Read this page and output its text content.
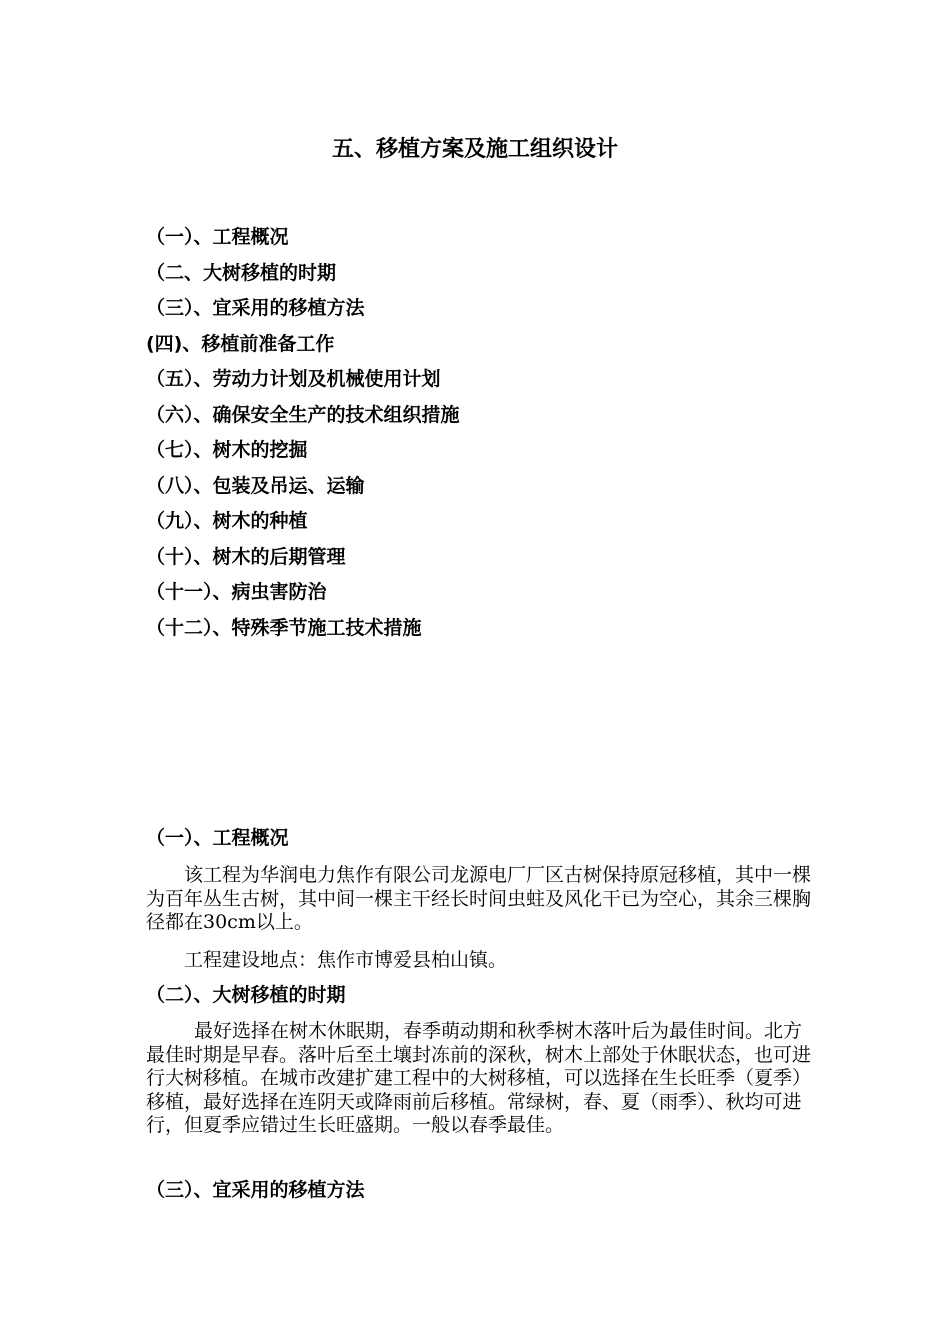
五、移植方案及施工组织设计
（一）、工程概况
（二、大树移植的时期
（三）、宜采用的移植方法
(四)、移植前准备工作
（五）、劳动力计划及机械使用计划
（六）、确保安全生产的技术组织措施
（七）、树木的挖掘
（八）、包装及吊运、运输
（九）、树木的种植
（十）、树木的后期管理
（十一）、病虫害防治
（十二）、特殊季节施工技术措施
（一）、工程概况

该工程为华润电力焦作有限公司龙源电厂厂区古树保持原冠移植，其中一棵为百年丛生古树，其中间一棵主干经长时间虫蛀及风化干已为空心，其余三棵胸径都在30cm以上。

工程建设地点：焦作市博爱县柏山镇。

（二）、大树移植的时期

最好选择在树木休眠期，春季萌动期和秋季树木落叶后为最佳时间。北方最佳时期是早春。落叶后至土壤封冻前的深秋，树木上部处于休眠状态，也可进行大树移植。在城市改建扩建工程中的大树移植，可以选择在生长旺季（夏季）移植，最好选择在连阴天或降雨前后移植。常绿树，春、夏（雨季）、秋均可进行，但夏季应错过生长旺盛期。一般以春季最佳。

（三）、宜采用的移植方法
